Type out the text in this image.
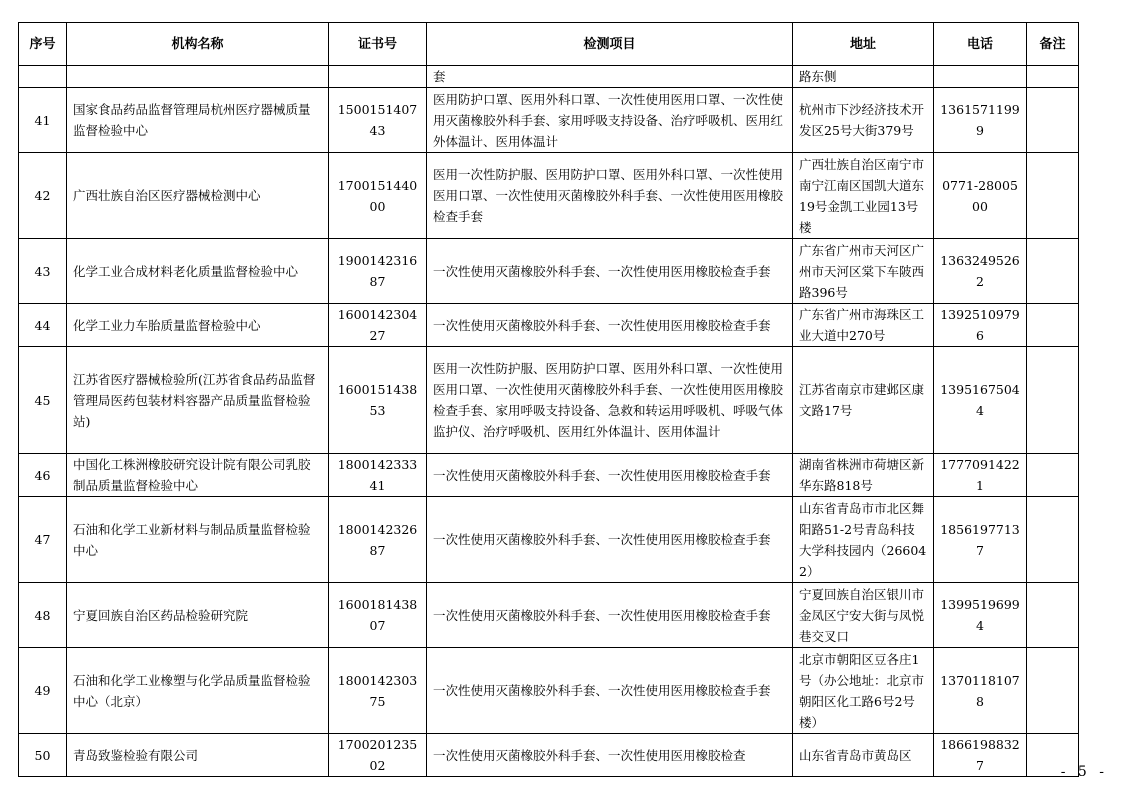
序号	机构名称	证书号	检测项目	地址	电话	备注
			套	路东侧		
41	国家食品药品监督管理局杭州医疗器械质量监督检验中心	150015140743	医用防护口罩、医用外科口罩、一次性使用医用口罩、一次性使用灭菌橡胶外科手套、家用呼吸支持设备、治疗呼吸机、医用红外体温计、医用体温计	杭州市下沙经济技术开发区25号大街379号	13615711999	
42	广西壮族自治区医疗器械检测中心	170015144000	医用一次性防护服、医用防护口罩、医用外科口罩、一次性使用医用口罩、一次性使用灭菌橡胶外科手套、一次性使用医用橡胶检查手套	广西壮族自治区南宁市南宁江南区国凯大道东19号金凯工业园13号楼	0771-2800500	
43	化学工业合成材料老化质量监督检验中心	190014231687	一次性使用灭菌橡胶外科手套、一次性使用医用橡胶检查手套	广东省广州市天河区广州市天河区棠下车陂西路396号	13632495262	
44	化学工业力车胎质量监督检验中心	160014230427	一次性使用灭菌橡胶外科手套、一次性使用医用橡胶检查手套	广东省广州市海珠区工业大道中270号	13925109796	
45	江苏省医疗器械检验所(江苏省食品药品监督管理局医药包装材料容器产品质量监督检验站)	160015143853	医用一次性防护服、医用防护口罩、医用外科口罩、一次性使用医用口罩、一次性使用灭菌橡胶外科手套、一次性使用医用橡胶检查手套、家用呼吸支持设备、急救和转运用呼吸机、呼吸气体监护仪、治疗呼吸机、医用红外体温计、医用体温计	江苏省南京市建邺区康文路17号	13951675044	
46	中国化工株洲橡胶研究设计院有限公司乳胶制品质量监督检验中心	180014233341	一次性使用灭菌橡胶外科手套、一次性使用医用橡胶检查手套	湖南省株洲市荷塘区新华东路818号	17770914221	
47	石油和化学工业新材料与制品质量监督检验中心	180014232687	一次性使用灭菌橡胶外科手套、一次性使用医用橡胶检查手套	山东省青岛市市北区舞阳路51-2号青岛科技大学科技园内（266042）	18561977137	
48	宁夏回族自治区药品检验研究院	160018143807	一次性使用灭菌橡胶外科手套、一次性使用医用橡胶检查手套	宁夏回族自治区银川市金凤区宁安大街与凤悦巷交叉口	13995196994	
49	石油和化学工业橡塑与化学品质量监督检验中心（北京）	180014230375	一次性使用灭菌橡胶外科手套、一次性使用医用橡胶检查手套	北京市朝阳区豆各庄1号（办公地址：北京市朝阳区化工路6号2号楼）	13701181078	
50	青岛致鉴检验有限公司	170020123502	一次性使用灭菌橡胶外科手套、一次性使用医用橡胶检查	山东省青岛市黄岛区	18661988327		- 5 -
